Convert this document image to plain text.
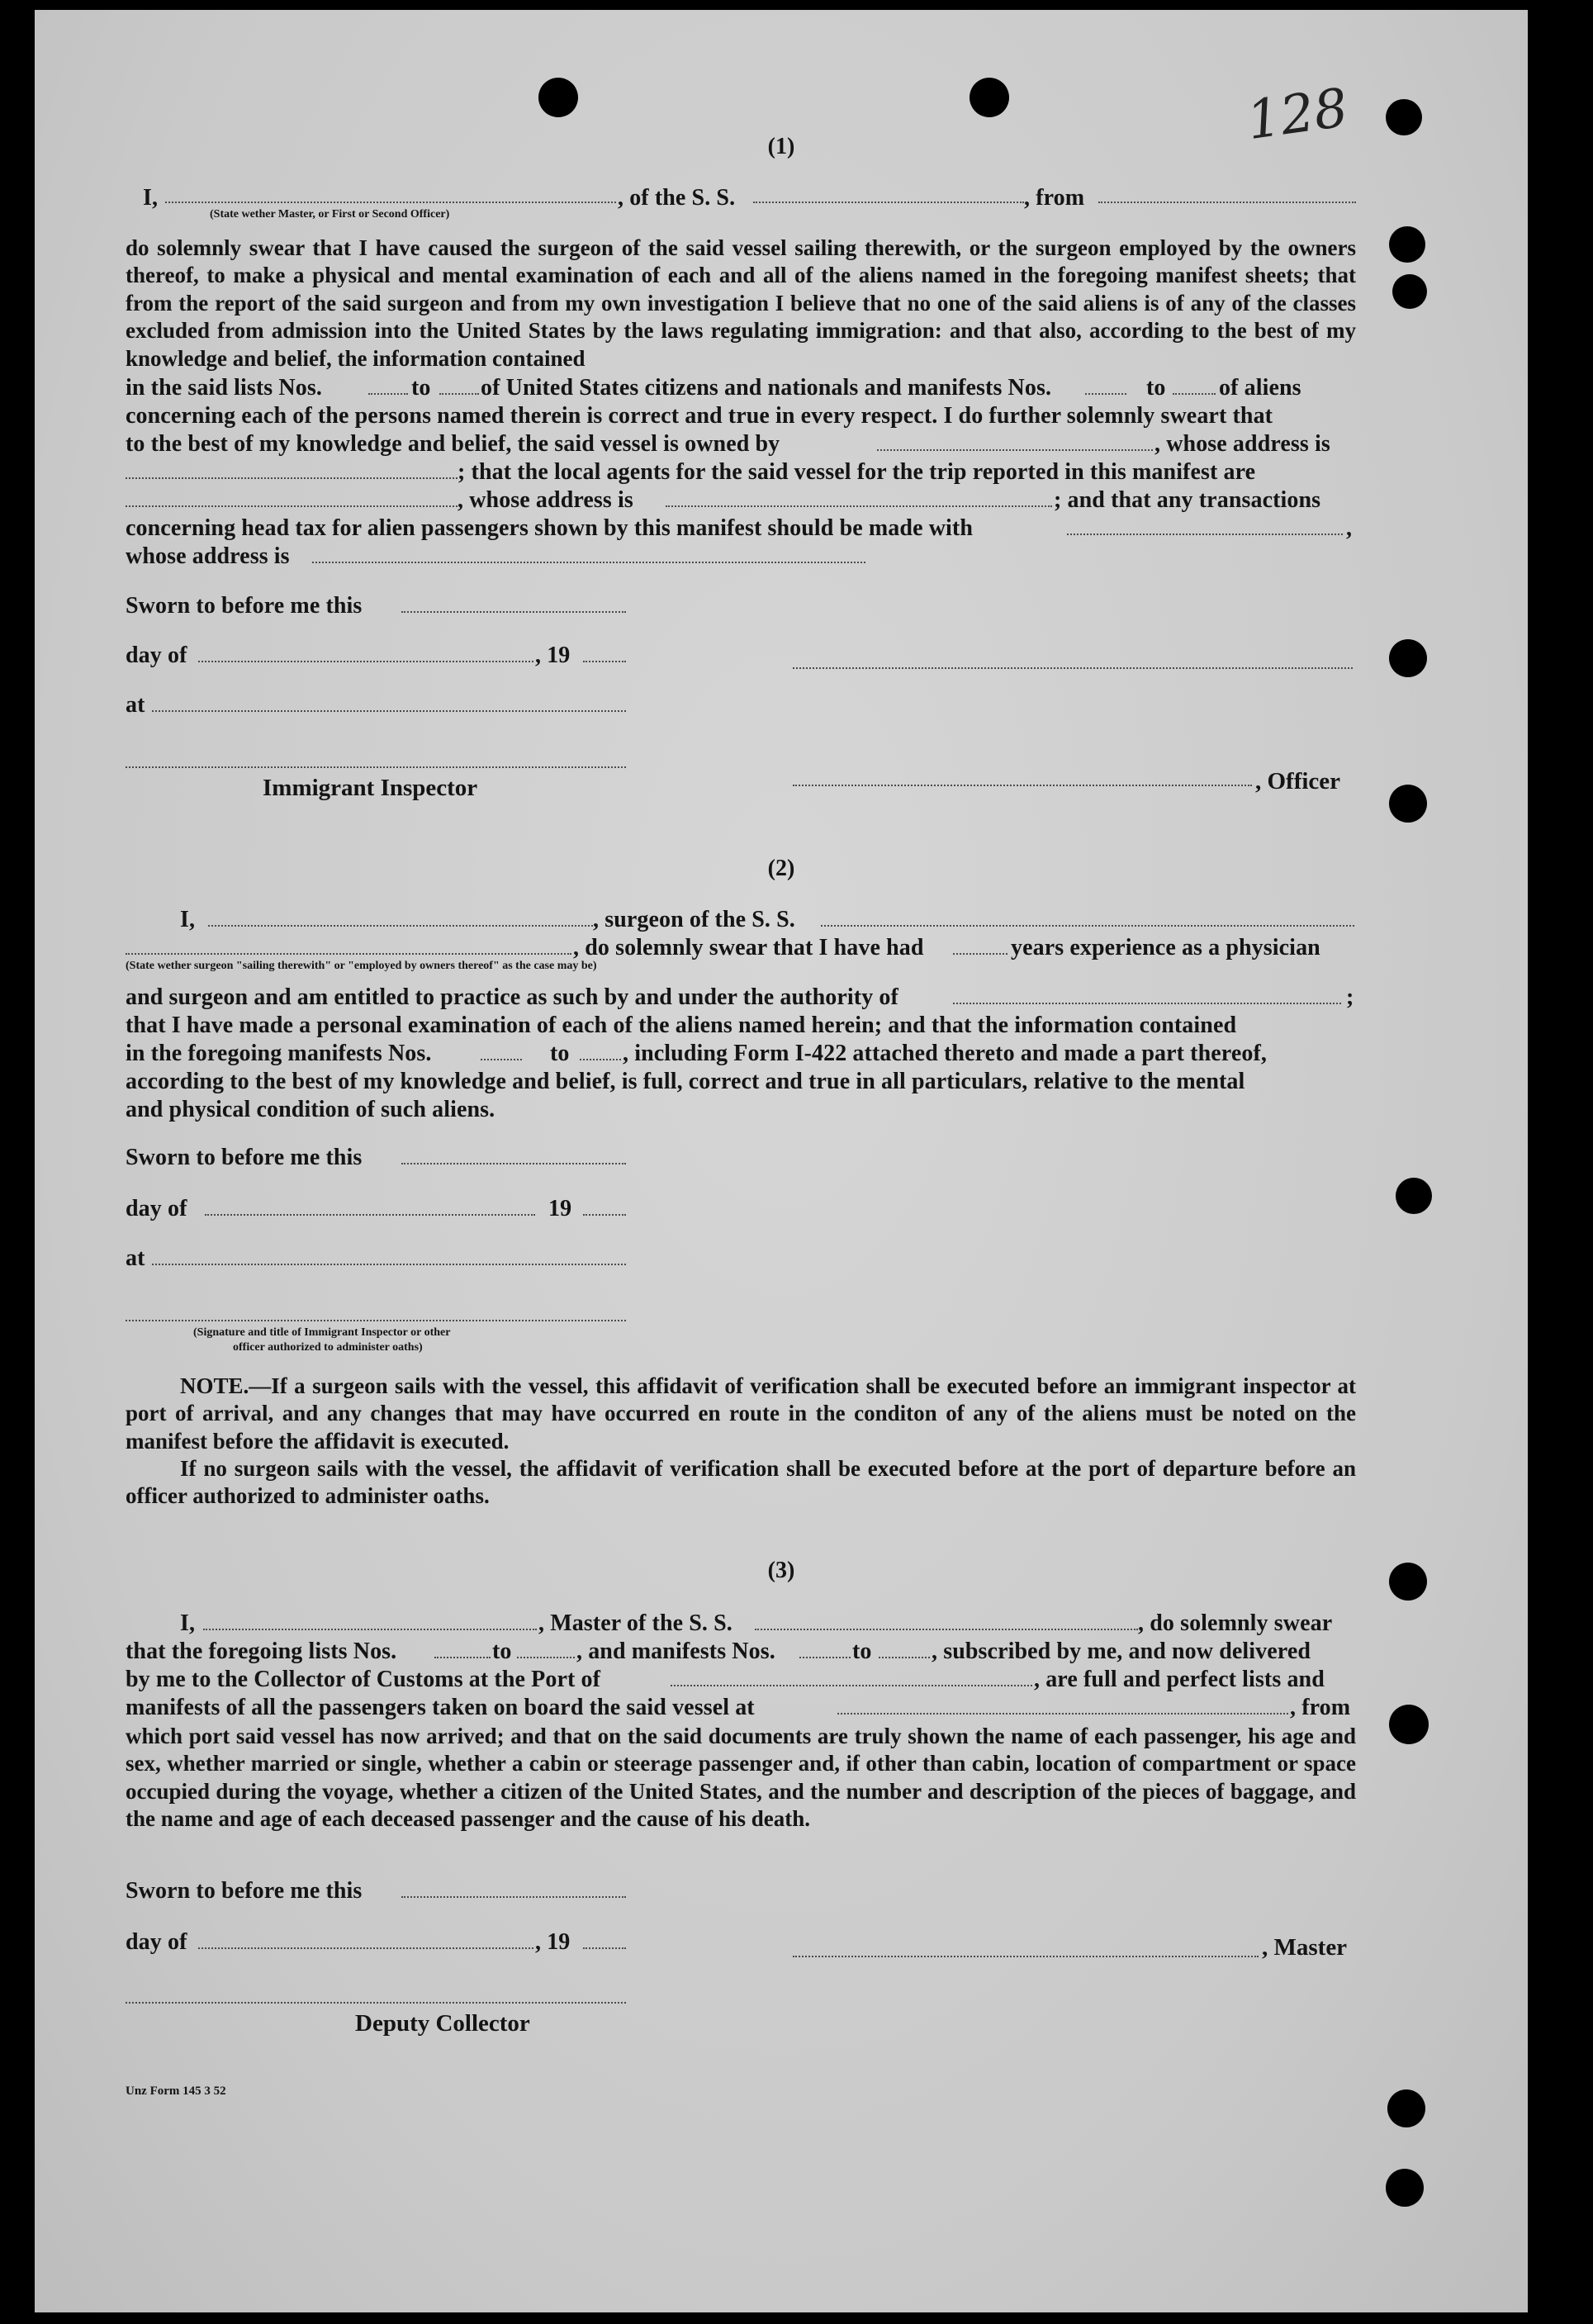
128
(1)
I,
(State wether Master, or First or Second Officer)
, of the S. S.	, from
do solemnly swear that I have caused the surgeon of the said vessel sailing therewith, or the surgeon employed by the owners thereof, to make a physical and mental examination of each and all of the aliens named in the foregoing manifest sheets; that from the report of the said surgeon and from my own investigation I believe that no one of the said aliens is of any of the classes excluded from admission into the United States by the laws regulating immigration: and that also, according to the best of my knowledge and belief, the information contained
in the said lists Nos.	to of United States citizens and nationals and manifests Nos.	to of aliens
concerning each of the persons named therein is correct and true in every respect. I do further solemnly sweart that
to the best of my knowledge and belief, the said vessel is owned by	, whose address is
; that the local agents for the said vessel for the trip reported in this manifest are
, whose address is	; and that any transactions
concerning head tax for alien passengers shown by this manifest should be made with	,
whose address is
Sworn to before me this
day of	, 19
at
Immigrant Inspector	, Officer
(2)
I,	, surgeon of the S. S.
, do solemnly swear that I have had	years experience as a physician
(State wether surgeon "sailing therewith" or "employed by owners thereof" as the case may be)
and surgeon and am entitled to practice as such by and under the authority of	;
that I have made a personal examination of each of the aliens named herein; and that the information contained
in the foregoing manifests Nos.	to , including Form I-422 attached thereto and made a part thereof,
according to the best of my knowledge and belief, is full, correct and true in all particulars, relative to the mental
and physical condition of such aliens.
Sworn to before me this
day of	19
at
(Signature and title of Immigrant Inspector or other
officer authorized to administer oaths)
NOTE.—If a surgeon sails with the vessel, this affidavit of verification shall be executed before an immigrant inspector at port of arrival, and any changes that may have occurred en route in the conditon of any of the aliens must be noted on the manifest before the affidavit is executed.
If no surgeon sails with the vessel, the affidavit of verification shall be executed before at the port of departure before an officer authorized to administer oaths.
(3)
I,	, Master of the S. S.	, do solemnly swear
that the foregoing lists Nos.	to	, and manifests Nos.	to	, subscribed by me, and now delivered
by me to the Collector of Customs at the Port of	, are full and perfect lists and
manifests of all the passengers taken on board the said vessel at	, from
which port said vessel has now arrived; and that on the said documents are truly shown the name of each passenger, his age and sex, whether married or single, whether a cabin or steerage passenger and, if other than cabin, location of compartment or space occupied during the voyage, whether a citizen of the United States, and the number and description of the pieces of baggage, and the name and age of each deceased passenger and the cause of his death.
Sworn to before me this
day of	, 19	, Master
Deputy Collector
Unz Form 145 3 52
